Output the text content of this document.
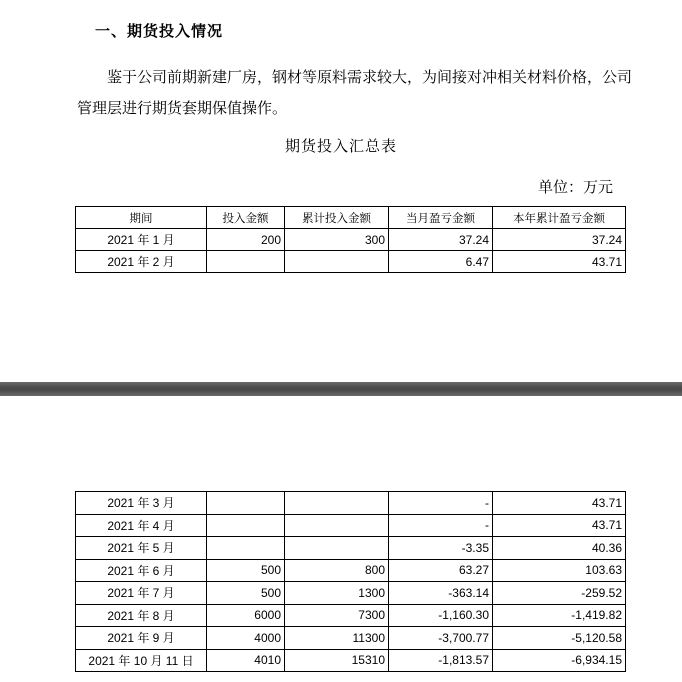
一、期货投入情况
鉴于公司前期新建厂房，钢材等原料需求较大，为间接对冲相关材料价格，公司管理层进行期货套期保值操作。
期货投入汇总表
单位：万元
期间	投入金额	累计投入金额	当月盈亏金额	本年累计盈亏金额
2021 年 1 月	200	300	37.24	37.24
2021 年 2 月			6.47	43.71
2021 年 3 月			-	43.71
2021 年 4 月			-	43.71
2021 年 5 月			-3.35	40.36
2021 年 6 月	500	800	63.27	103.63
2021 年 7 月	500	1300	-363.14	-259.52
2021 年 8 月	6000	7300	-1,160.30	-1,419.82
2021 年 9 月	4000	11300	-3,700.77	-5,120.58
2021 年 10 月 11 日	4010	15310	-1,813.57	-6,934.15
